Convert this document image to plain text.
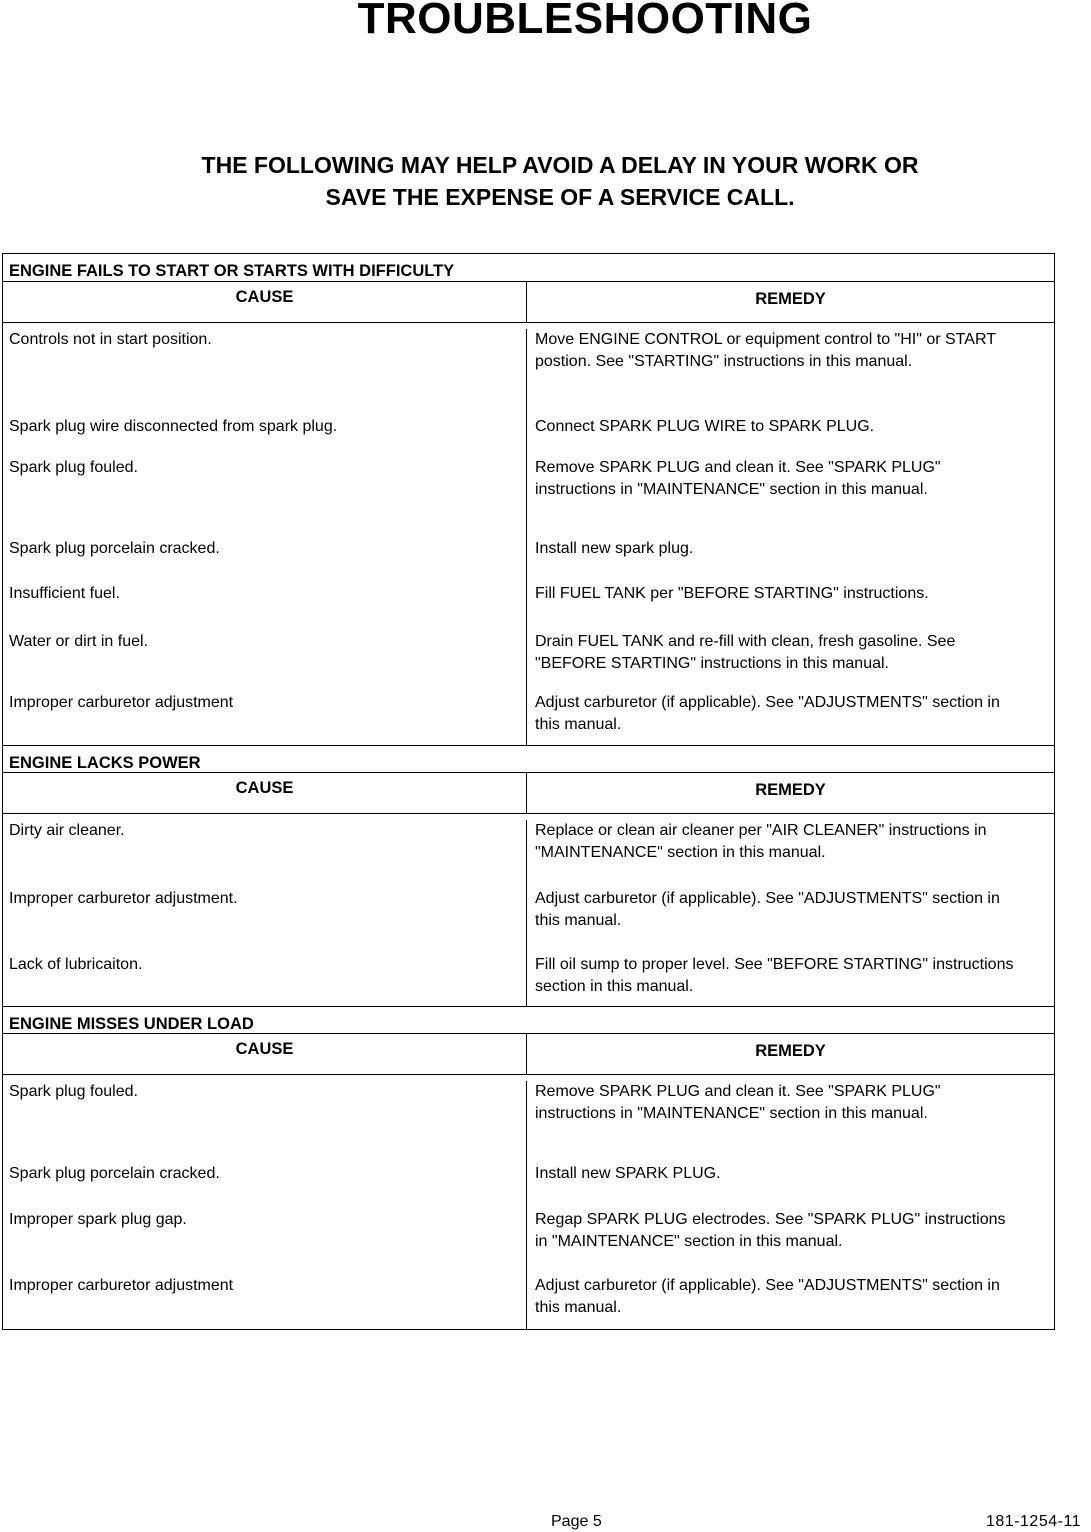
TROUBLESHOOTING
THE FOLLOWING MAY HELP AVOID A DELAY IN YOUR WORK OR
SAVE THE EXPENSE OF A SERVICE CALL.
ENGINE FAILS TO START OR STARTS WITH DIFFICULTY
CAUSE	REMEDY
Controls not in start position.	Move ENGINE CONTROL or equipment control to "HI" or START postion. See "STARTING" instructions in this manual.
Spark plug wire disconnected from spark plug.	Connect SPARK PLUG WIRE to SPARK PLUG.
Spark plug fouled.	Remove SPARK PLUG and clean it. See "SPARK PLUG" instructions in "MAINTENANCE" section in this manual.
Spark plug porcelain cracked.	Install new spark plug.
Insufficient fuel.	Fill FUEL TANK per "BEFORE STARTING" instructions.
Water or dirt in fuel.	Drain FUEL TANK and re-fill with clean, fresh gasoline. See "BEFORE STARTING" instructions in this manual.
Improper carburetor adjustment	Adjust carburetor (if applicable). See "ADJUSTMENTS" section in this manual.
ENGINE LACKS POWER
CAUSE	REMEDY
Dirty air cleaner.	Replace or clean air cleaner per "AIR CLEANER" instructions in "MAINTENANCE" section in this manual.
Improper carburetor adjustment.	Adjust carburetor (if applicable). See "ADJUSTMENTS" section in this manual.
Lack of lubricaiton.	Fill oil sump to proper level. See "BEFORE STARTING" instructions section in this manual.
ENGINE MISSES UNDER LOAD
CAUSE	REMEDY
Spark plug fouled.	Remove SPARK PLUG and clean it. See "SPARK PLUG" instructions in "MAINTENANCE" section in this manual.
Spark plug porcelain cracked.	Install new SPARK PLUG.
Improper spark plug gap.	Regap SPARK PLUG electrodes. See "SPARK PLUG" instructions in "MAINTENANCE" section in this manual.
Improper carburetor adjustment	Adjust carburetor (if applicable). See "ADJUSTMENTS" section in this manual.
Page 5	181-1254-11
